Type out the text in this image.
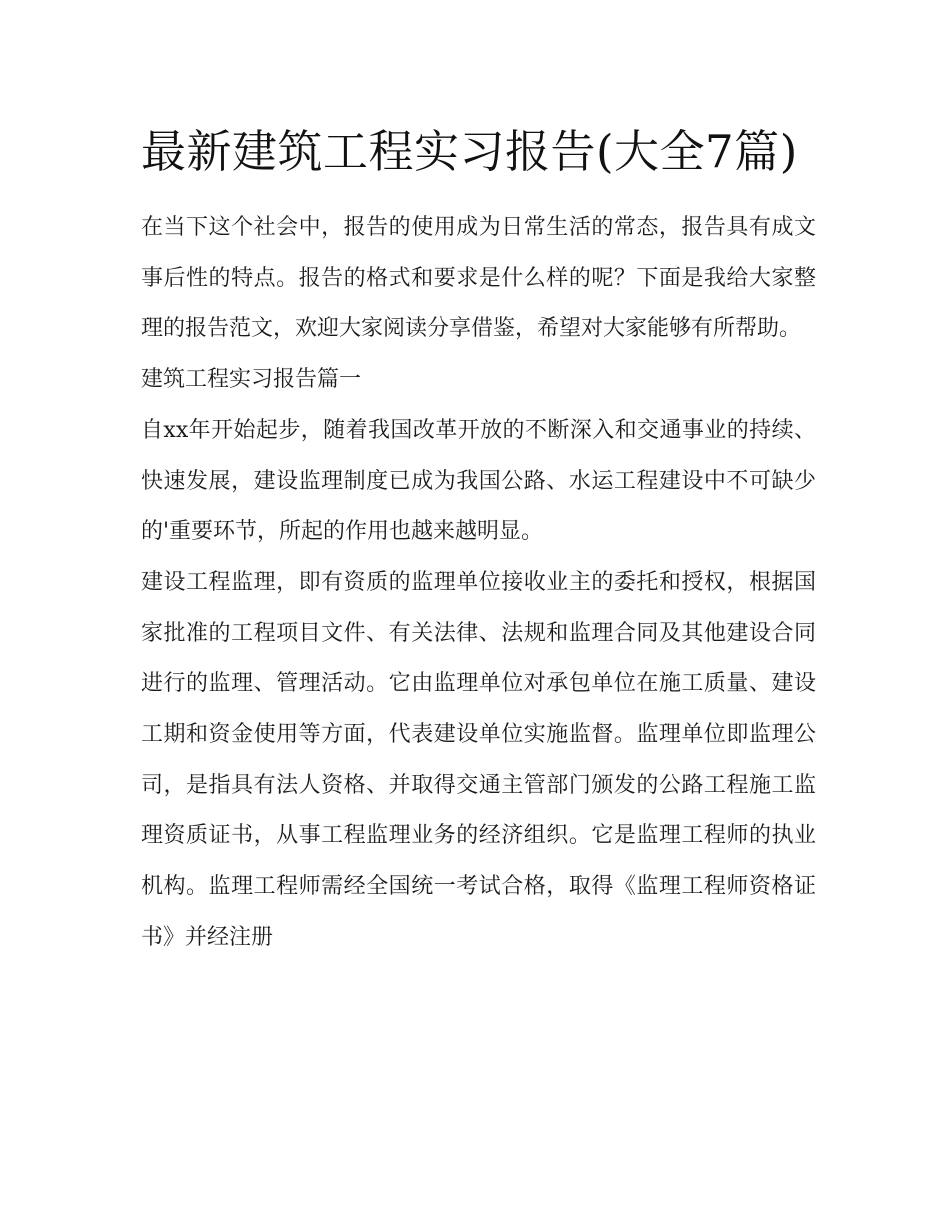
最新建筑工程实习报告(大全7篇)

在当下这个社会中，报告的使用成为日常生活的常态，报告具有成文事后性的特点。报告的格式和要求是什么样的呢？下面是我给大家整理的报告范文，欢迎大家阅读分享借鉴，希望对大家能够有所帮助。

建筑工程实习报告篇一

自xx年开始起步，随着我国改革开放的不断深入和交通事业的持续、快速发展，建设监理制度已成为我国公路、水运工程建设中不可缺少的'重要环节，所起的作用也越来越明显。

建设工程监理，即有资质的监理单位接收业主的委托和授权，根据国家批准的工程项目文件、有关法律、法规和监理合同及其他建设合同进行的监理、管理活动。它由监理单位对承包单位在施工质量、建设工期和资金使用等方面，代表建设单位实施监督。监理单位即监理公司，是指具有法人资格、并取得交通主管部门颁发的公路工程施工监理资质证书，从事工程监理业务的经济组织。它是监理工程师的执业机构。监理工程师需经全国统一考试合格，取得《监理工程师资格证书》并经注册
